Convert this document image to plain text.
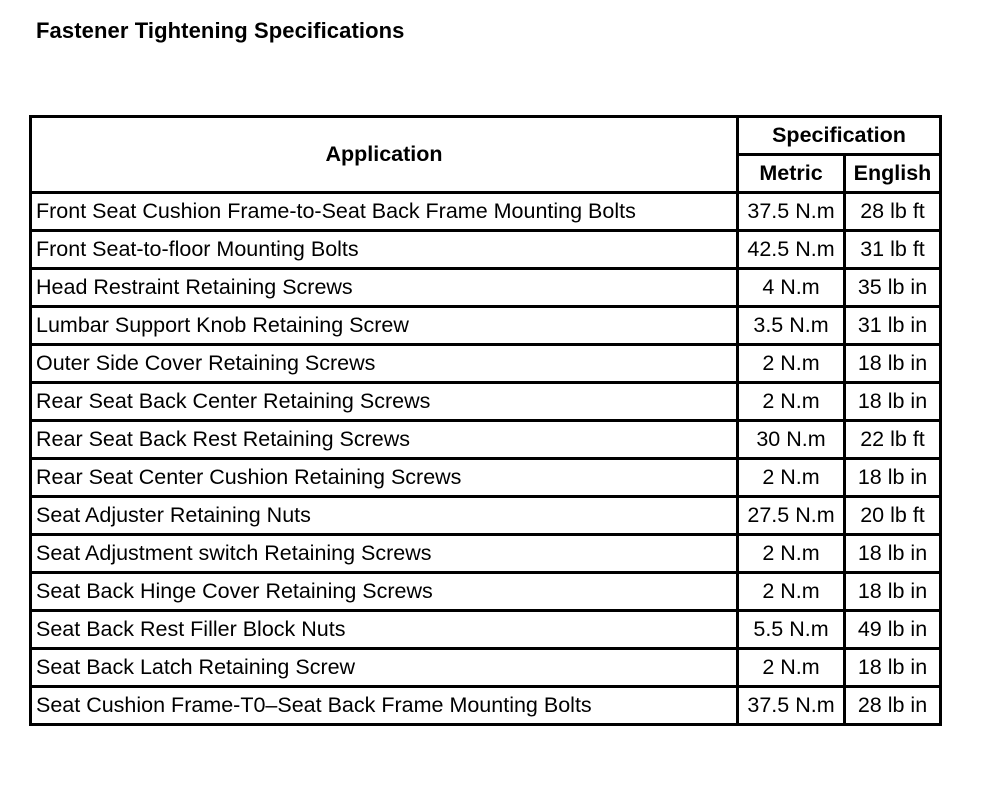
Fastener Tightening Specifications
Application	Specification	
	Metric	English
Front Seat Cushion Frame-to-Seat Back Frame Mounting Bolts	37.5 N.m	28 lb ft
Front Seat-to-floor Mounting Bolts	42.5 N.m	31 lb ft
Head Restraint Retaining Screws	4 N.m	35 lb in
Lumbar Support Knob Retaining Screw	3.5 N.m	31 lb in
Outer Side Cover Retaining Screws	2 N.m	18 lb in
Rear Seat Back Center Retaining Screws	2 N.m	18 lb in
Rear Seat Back Rest Retaining Screws	30 N.m	22 lb ft
Rear Seat Center Cushion Retaining Screws	2 N.m	18 lb in
Seat Adjuster Retaining Nuts	27.5 N.m	20 lb ft
Seat Adjustment switch Retaining Screws	2 N.m	18 lb in
Seat Back Hinge Cover Retaining Screws	2 N.m	18 lb in
Seat Back Rest Filler Block Nuts	5.5 N.m	49 lb in
Seat Back Latch Retaining Screw	2 N.m	18 lb in
Seat Cushion Frame-T0–Seat Back Frame Mounting Bolts	37.5 N.m	28 lb in
